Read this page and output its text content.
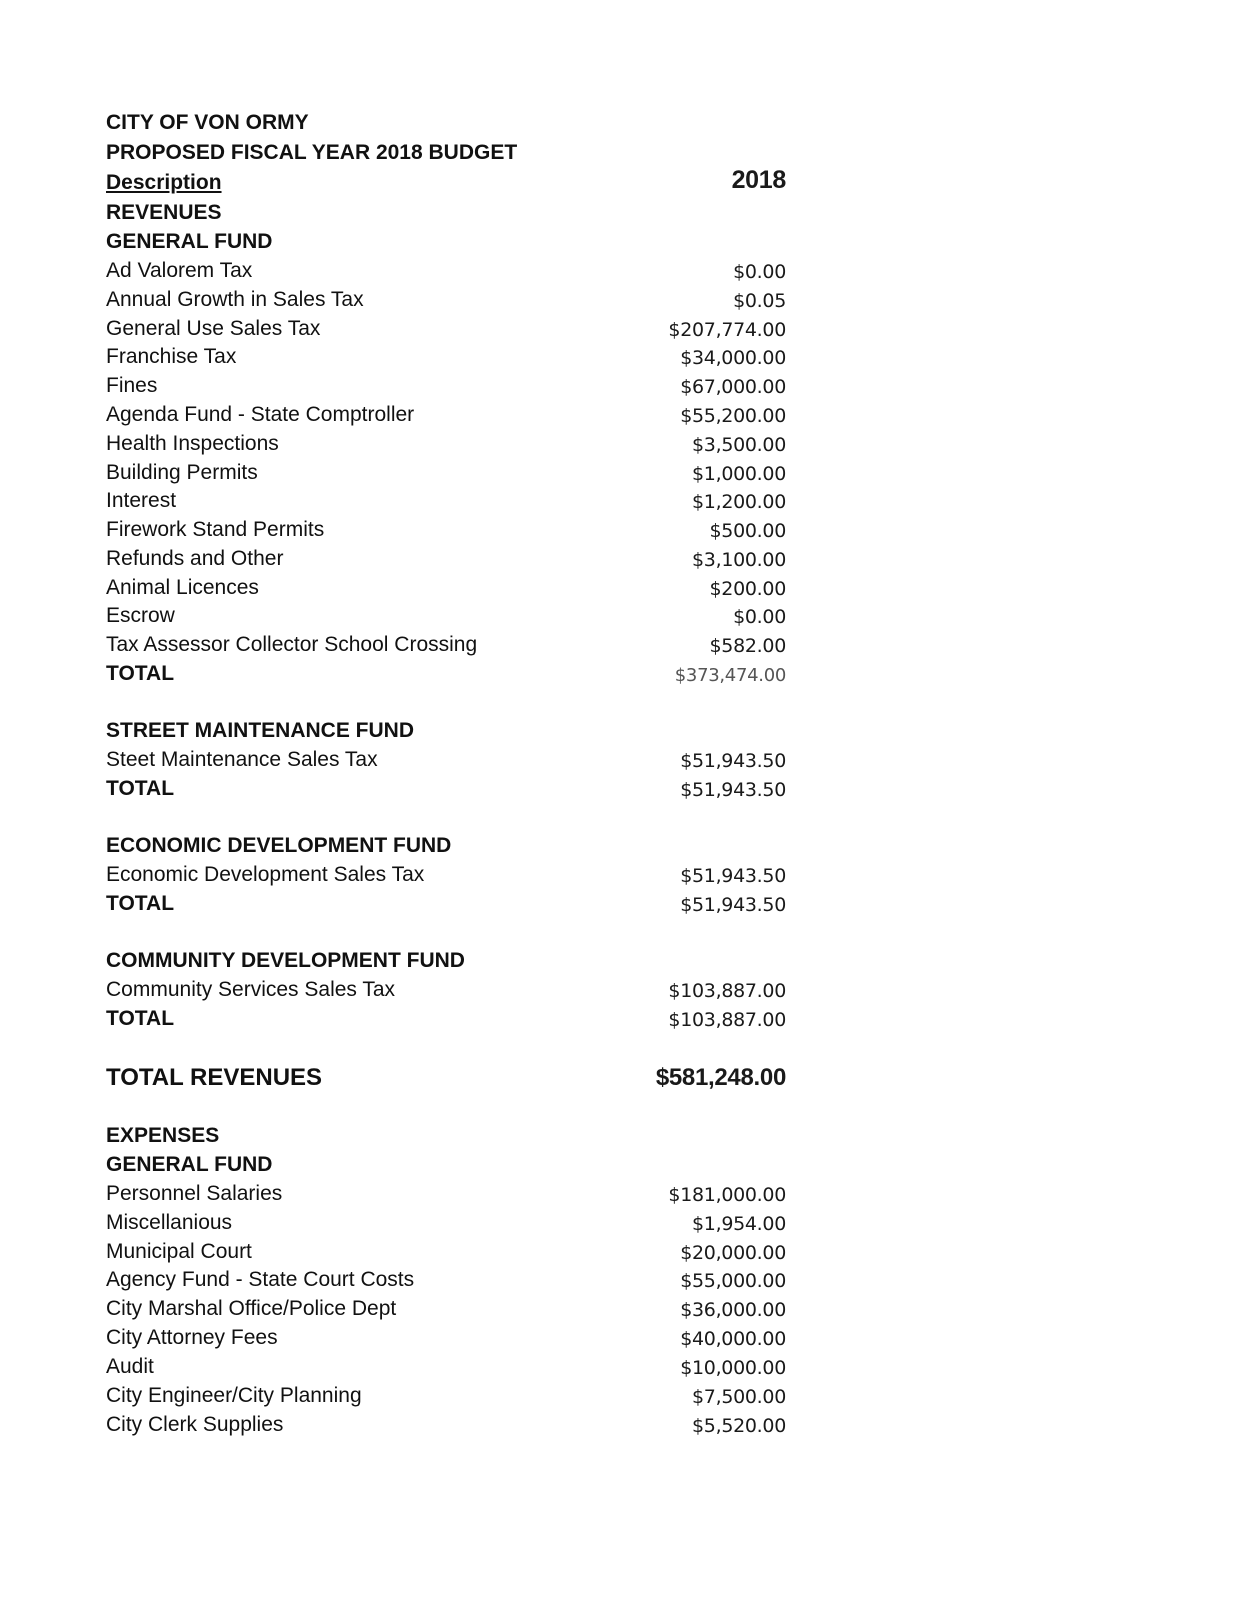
CITY OF VON ORMY
PROPOSED FISCAL YEAR 2018 BUDGET
Description	2018
REVENUES
GENERAL FUND
Ad Valorem Tax	$0.00
Annual Growth in Sales Tax	$0.05
General Use Sales Tax	$207,774.00
Franchise Tax	$34,000.00
Fines	$67,000.00
Agenda Fund - State Comptroller	$55,200.00
Health Inspections	$3,500.00
Building Permits	$1,000.00
Interest	$1,200.00
Firework Stand Permits	$500.00
Refunds and Other	$3,100.00
Animal Licences	$200.00
Escrow	$0.00
Tax Assessor Collector School Crossing	$582.00
TOTAL	$373,474.00
STREET MAINTENANCE FUND
Steet Maintenance Sales Tax	$51,943.50
TOTAL	$51,943.50
ECONOMIC DEVELOPMENT FUND
Economic Development Sales Tax	$51,943.50
TOTAL	$51,943.50
COMMUNITY DEVELOPMENT FUND
Community Services Sales Tax	$103,887.00
TOTAL	$103,887.00
TOTAL REVENUES	$581,248.00
EXPENSES
GENERAL FUND
Personnel Salaries	$181,000.00
Miscellanious	$1,954.00
Municipal Court	$20,000.00
Agency Fund - State Court Costs	$55,000.00
City Marshal Office/Police Dept	$36,000.00
City Attorney Fees	$40,000.00
Audit	$10,000.00
City Engineer/City Planning	$7,500.00
City Clerk Supplies	$5,520.00
